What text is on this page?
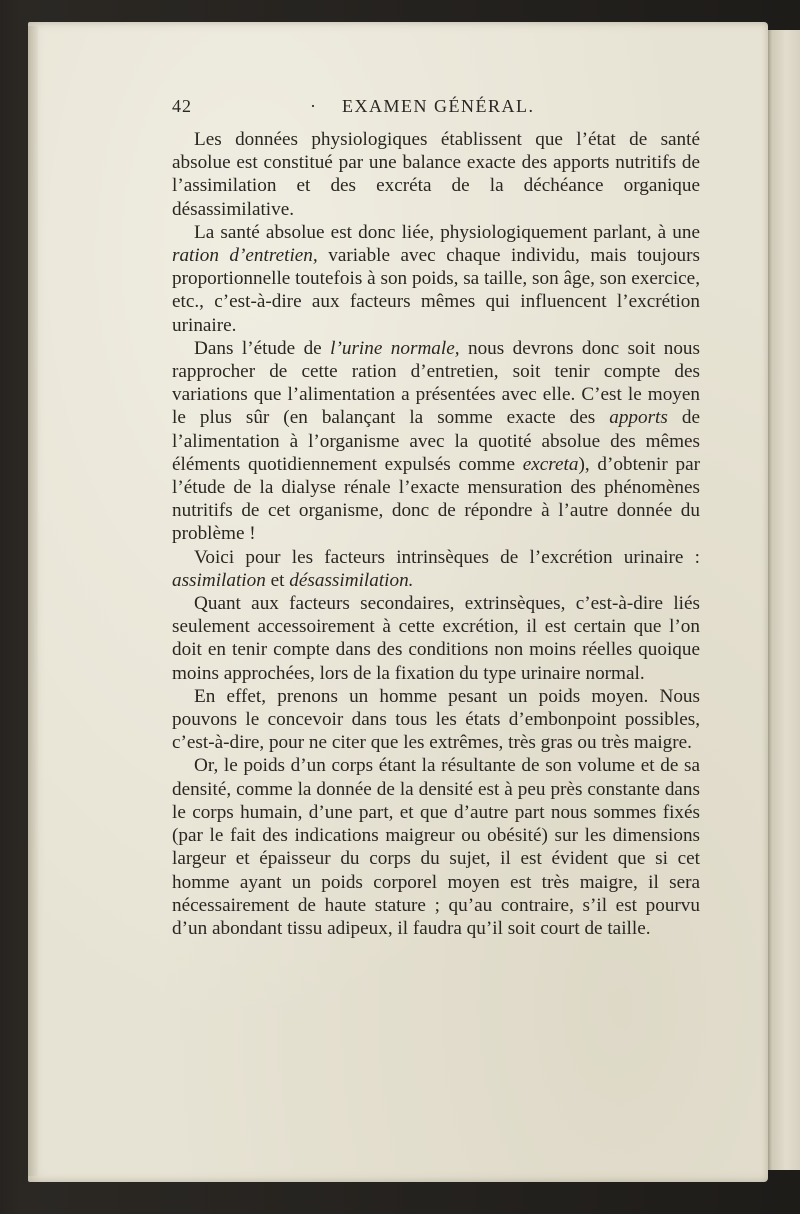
42	· EXAMEN GÉNÉRAL.

Les données physiologiques établissent que l’état de santé absolue est constitué par une balance exacte des apports nutritifs de l’assimilation et des excréta de la déchéance organique désassimilative.

La santé absolue est donc liée, physiologiquement parlant, à une ration d’entretien, variable avec chaque individu, mais toujours proportionnelle toutefois à son poids, sa taille, son âge, son exercice, etc., c’est-à-dire aux facteurs mêmes qui influencent l’excrétion urinaire.

Dans l’étude de l’urine normale, nous devrons donc soit nous rapprocher de cette ration d’entretien, soit tenir compte des variations que l’alimentation a présentées avec elle. C’est le moyen le plus sûr (en balançant la somme exacte des apports de l’alimentation à l’organisme avec la quotité absolue des mêmes éléments quotidiennement expulsés comme excreta), d’obtenir par l’étude de la dialyse rénale l’exacte mensuration des phénomènes nutritifs de cet organisme, donc de répondre à l’autre donnée du problème !

Voici pour les facteurs intrinsèques de l’excrétion urinaire : assimilation et désassimilation.

Quant aux facteurs secondaires, extrinsèques, c’est-à-dire liés seulement accessoirement à cette excrétion, il est certain que l’on doit en tenir compte dans des conditions non moins réelles quoique moins approchées, lors de la fixation du type urinaire normal.

En effet, prenons un homme pesant un poids moyen. Nous pouvons le concevoir dans tous les états d’embonpoint possibles, c’est-à-dire, pour ne citer que les extrêmes, très gras ou très maigre.

Or, le poids d’un corps étant la résultante de son volume et de sa densité, comme la donnée de la densité est à peu près constante dans le corps humain, d’une part, et que d’autre part nous sommes fixés (par le fait des indications maigreur ou obésité) sur les dimensions largeur et épaisseur du corps du sujet, il est évident que si cet homme ayant un poids corporel moyen est très maigre, il sera nécessairement de haute stature ; qu’au contraire, s’il est pourvu d’un abondant tissu adipeux, il faudra qu’il soit court de taille.
